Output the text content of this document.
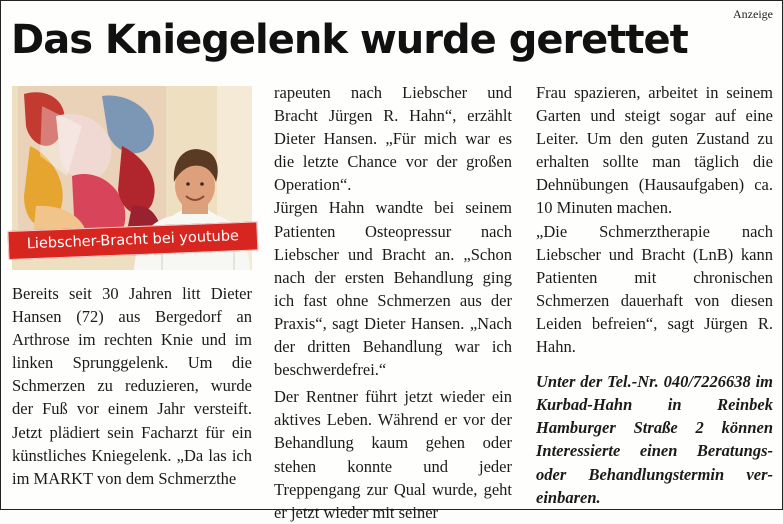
Anzeige
Das Kniegelenk wurde gerettet
Liebscher-Bracht bei youtube

Bereits seit 30 Jahren litt Dieter Hansen (72) aus Bergedorf an Arthrose im rechten Knie und im linken Sprunggelenk. Um die Schmerzen zu reduzieren, wurde der Fuß vor einem Jahr versteift. Jetzt plädiert sein Facharzt für ein künstliches Kniegelenk. „Da las ich im MARKT von dem Schmerzthe

rapeuten nach Liebscher und Bracht Jürgen R. Hahn“, erzählt Dieter Hansen. „Für mich war es die letzte Chance vor der großen Operation“.

Jürgen Hahn wandte bei seinem Patienten Osteopressur nach Liebscher und Bracht an. „Schon nach der ersten Behandlung ging ich fast ohne Schmerzen aus der Praxis“, sagt Dieter Hansen. „Nach der dritten Behandlung war ich beschwerdefrei.“

Der Rentner führt jetzt wieder ein aktives Leben. Während er vor der Behandlung kaum gehen oder stehen konnte und jeder Treppengang zur Qual wurde, geht er jetzt wieder mit seiner

Frau spazieren, arbeitet in seinem Garten und steigt sogar auf eine Leiter. Um den guten Zustand zu erhalten sollte man täglich die Dehnübungen (Hausaufgaben) ca. 10 Minuten machen.

„Die Schmerztherapie nach Liebscher und Bracht (LnB) kann Patienten mit chronischen Schmerzen dauerhaft von diesen Leiden befreien“, sagt Jürgen R. Hahn.

Unter der Tel.-Nr. 040/7226638 im Kurbad-Hahn in Reinbek Hamburger Straße 2 können Interessierte einen Beratungs- oder Behandlungstermin vereinbaren.
